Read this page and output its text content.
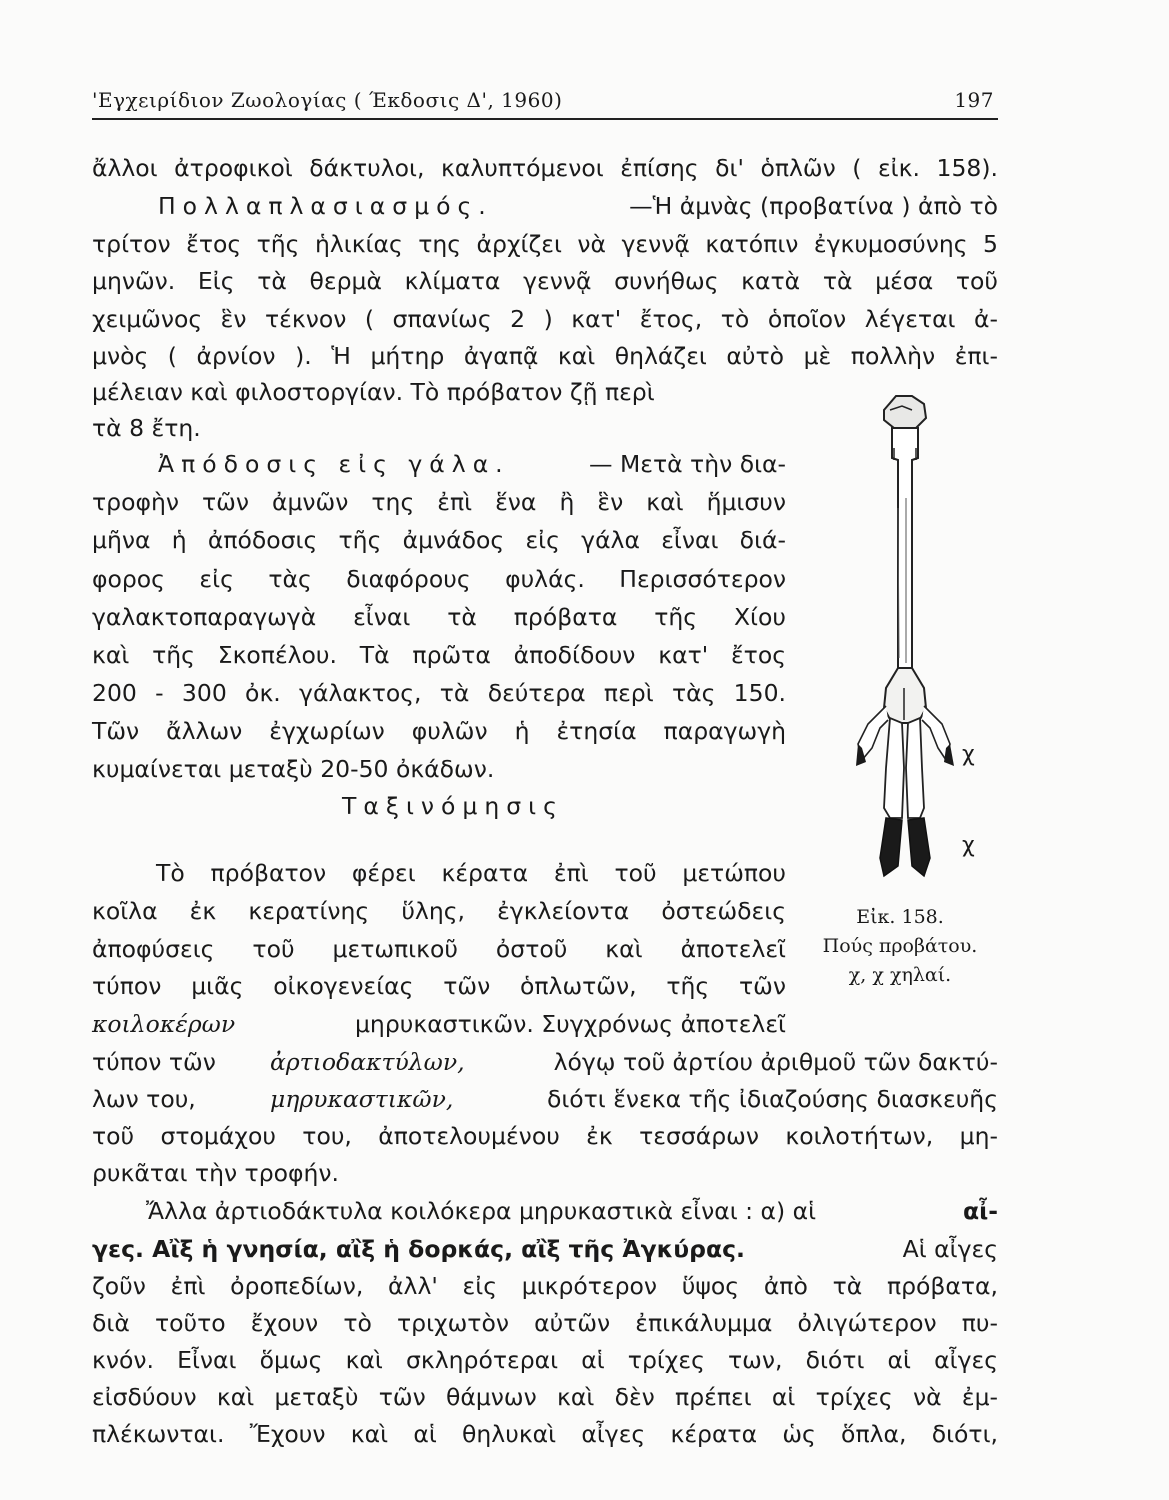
'Εγχειρίδιον Ζωολογίας ( Έκδοσις Δ', 1960)	197
ἄλλοι ἀτροφικοὶ δάκτυλοι, καλυπτόμενοι ἐπίσης δι' ὁπλῶν ( εἰκ. 158).
Πολλαπλασιασμός.	—Ἡ ἀμνὰς (προβατίνα ) ἀπὸ τὸ
τρίτον ἔτος τῆς ἡλικίας της ἀρχίζει νὰ γεννᾷ κατόπιν ἐγκυμοσύνης 5
μηνῶν. Εἰς τὰ θερμὰ κλίματα γεννᾷ συνήθως κατὰ τὰ μέσα τοῦ
χειμῶνος ἓν τέκνον ( σπανίως 2 ) κατ' ἔτος, τὸ ὁποῖον λέγεται ἀ-
μνὸς ( ἀρνίον ). Ἡ μήτηρ ἀγαπᾷ καὶ θηλάζει αὐτὸ μὲ πολλὴν ἐπι-
μέλειαν καὶ φιλοστοργίαν. Τὸ πρόβατον ζῇ περὶ
τὰ 8 ἔτη.
Ἀπόδοσις εἰς γάλα.	— Μετὰ τὴν δια-
τροφὴν τῶν ἀμνῶν της ἐπὶ ἕνα ἢ ἓν καὶ ἥμισυν
μῆνα ἡ ἀπόδοσις τῆς ἀμνάδος εἰς γάλα εἶναι διά-
φορος εἰς τὰς διαφόρους φυλάς. Περισσότερον
γαλακτοπαραγωγὰ εἶναι τὰ πρόβατα τῆς Χίου
καὶ τῆς Σκοπέλου. Τὰ πρῶτα ἀποδίδουν κατ' ἔτος
200 - 300 ὀκ. γάλακτος, τὰ δεύτερα περὶ τὰς 150.
Τῶν ἄλλων ἐγχωρίων φυλῶν ἡ ἐτησία παραγωγὴ
κυμαίνεται μεταξὺ 20-50 ὀκάδων.
Ταξινόμησις
Τὸ πρόβατον φέρει κέρατα ἐπὶ τοῦ μετώπου
κοῖλα ἐκ κερατίνης ὕλης, ἐγκλείοντα ὀστεώδεις
ἀποφύσεις τοῦ μετωπικοῦ ὀστοῦ καὶ ἀποτελεῖ
τύπον μιᾶς οἰκογενείας τῶν ὁπλωτῶν, τῆς τῶν
κοιλοκέρων	μηρυκαστικῶν. Συγχρόνως ἀποτελεῖ
τύπον τῶν ἀρτιοδακτύλων,	λόγῳ τοῦ ἀρτίου ἀριθμοῦ τῶν δακτύ-
λων του,	μηρυκαστικῶν,	διότι ἕνεκα τῆς ἰδιαζούσης διασκευῆς
τοῦ στομάχου του, ἀποτελουμένου ἐκ τεσσάρων κοιλοτήτων, μη-
ρυκᾶται τὴν τροφήν.
Ἄλλα ἀρτιοδάκτυλα κοιλόκερα μηρυκαστικὰ εἶναι : α) αἱ	αἶ-
γες. Αἲξ ἡ γνησία, αἲξ ἡ δορκάς, αἲξ τῆς Ἀγκύρας.	Αἱ αἶγες
ζοῦν ἐπὶ ὀροπεδίων, ἀλλ' εἰς μικρότερον ὕψος ἀπὸ τὰ πρόβατα,
διὰ τοῦτο ἔχουν τὸ τριχωτὸν αὐτῶν ἐπικάλυμμα ὀλιγώτερον πυ-
κνόν. Εἶναι ὅμως καὶ σκληρότεραι αἱ τρίχες των, διότι αἱ αἶγες
εἰσδύουν καὶ μεταξὺ τῶν θάμνων καὶ δὲν πρέπει αἱ τρίχες νὰ ἐμ-
πλέκωνται. Ἔχουν καὶ αἱ θηλυκαὶ αἶγες κέρατα ὡς ὅπλα, διότι,
χ
χ
Εἰκ. 158.
Πούς προβάτου.
χ, χ χηλαί.
